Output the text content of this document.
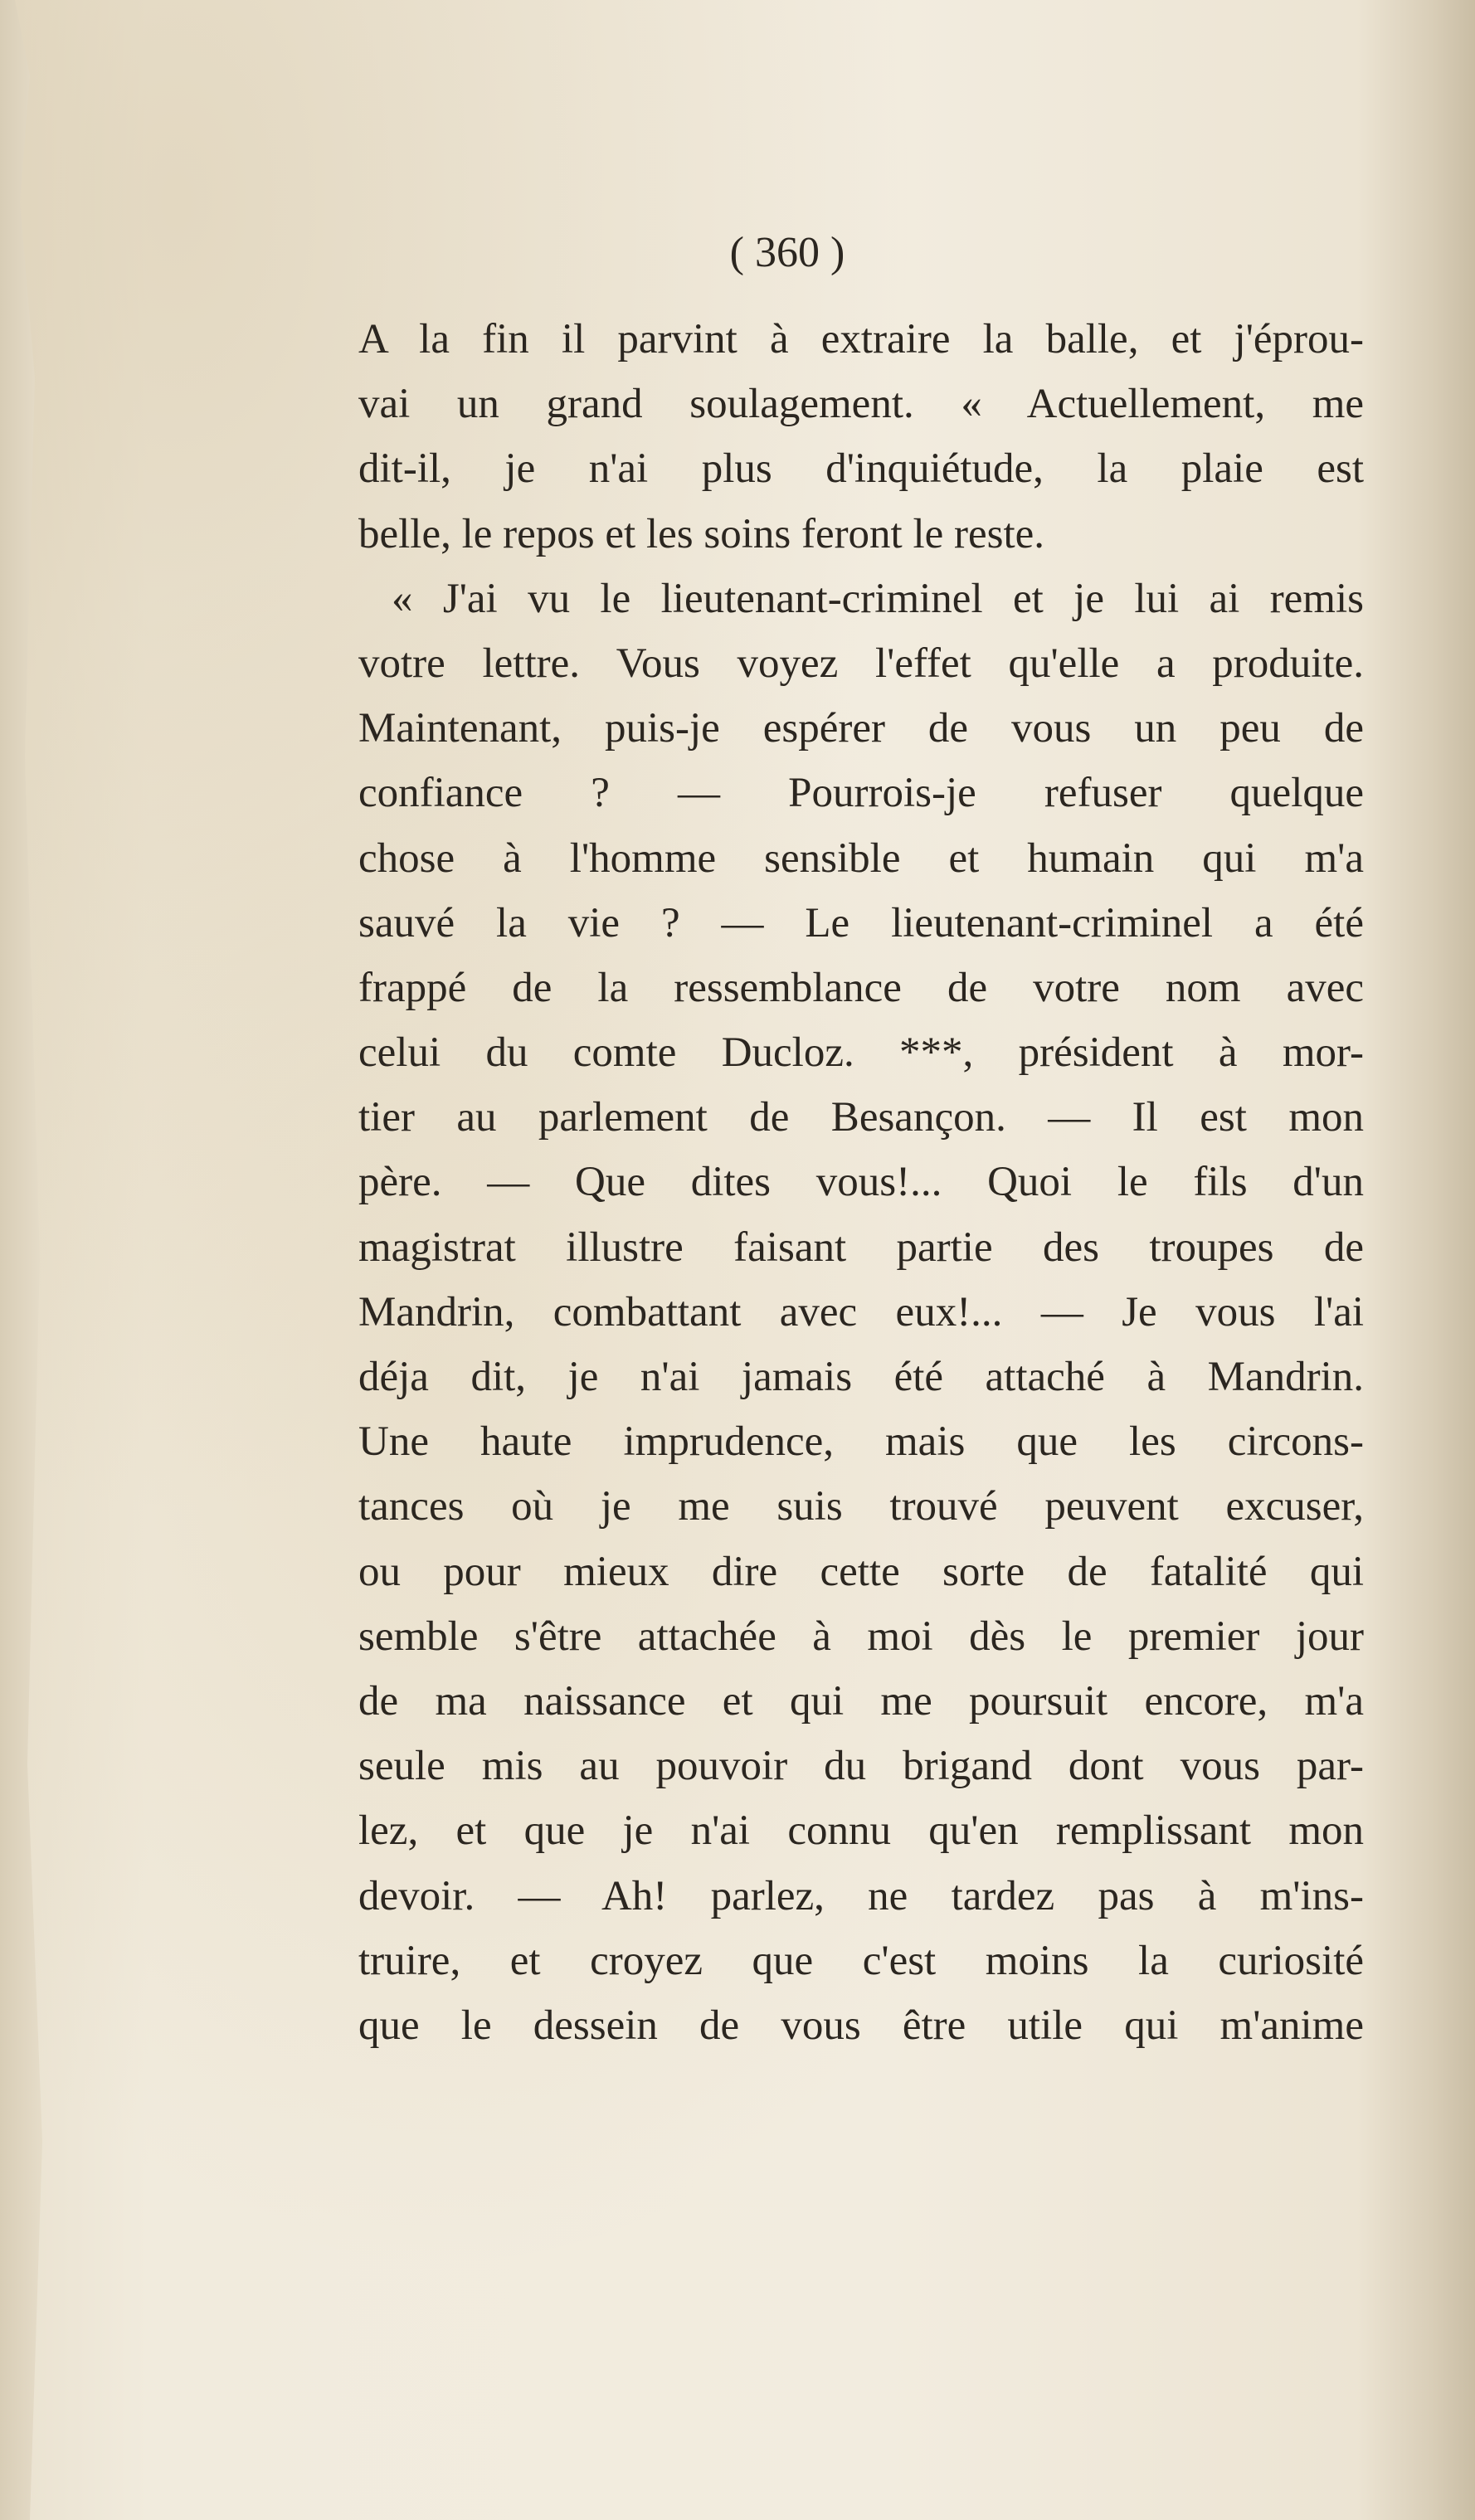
( 360 )
A la fin il parvint à extraire la balle, et j'éprou-
vai un grand soulagement. « Actuellement, me
dit-il, je n'ai plus d'inquiétude, la plaie est
belle, le repos et les soins feront le reste.
« J'ai vu le lieutenant-criminel et je lui ai remis
votre lettre. Vous voyez l'effet qu'elle a produite.
Maintenant, puis-je espérer de vous un peu de
confiance ? — Pourrois-je refuser quelque
chose à l'homme sensible et humain qui m'a
sauvé la vie ? — Le lieutenant-criminel a été
frappé de la ressemblance de votre nom avec
celui du comte Ducloz. ***, président à mor-
tier au parlement de Besançon. — Il est mon
père. — Que dites vous!... Quoi le fils d'un
magistrat illustre faisant partie des troupes de
Mandrin, combattant avec eux!... — Je vous l'ai
déja dit, je n'ai jamais été attaché à Mandrin.
Une haute imprudence, mais que les circons-
tances où je me suis trouvé peuvent excuser,
ou pour mieux dire cette sorte de fatalité qui
semble s'être attachée à moi dès le premier jour
de ma naissance et qui me poursuit encore, m'a
seule mis au pouvoir du brigand dont vous par-
lez, et que je n'ai connu qu'en remplissant mon
devoir. — Ah! parlez, ne tardez pas à m'ins-
truire, et croyez que c'est moins la curiosité
que le dessein de vous être utile qui m'anime
